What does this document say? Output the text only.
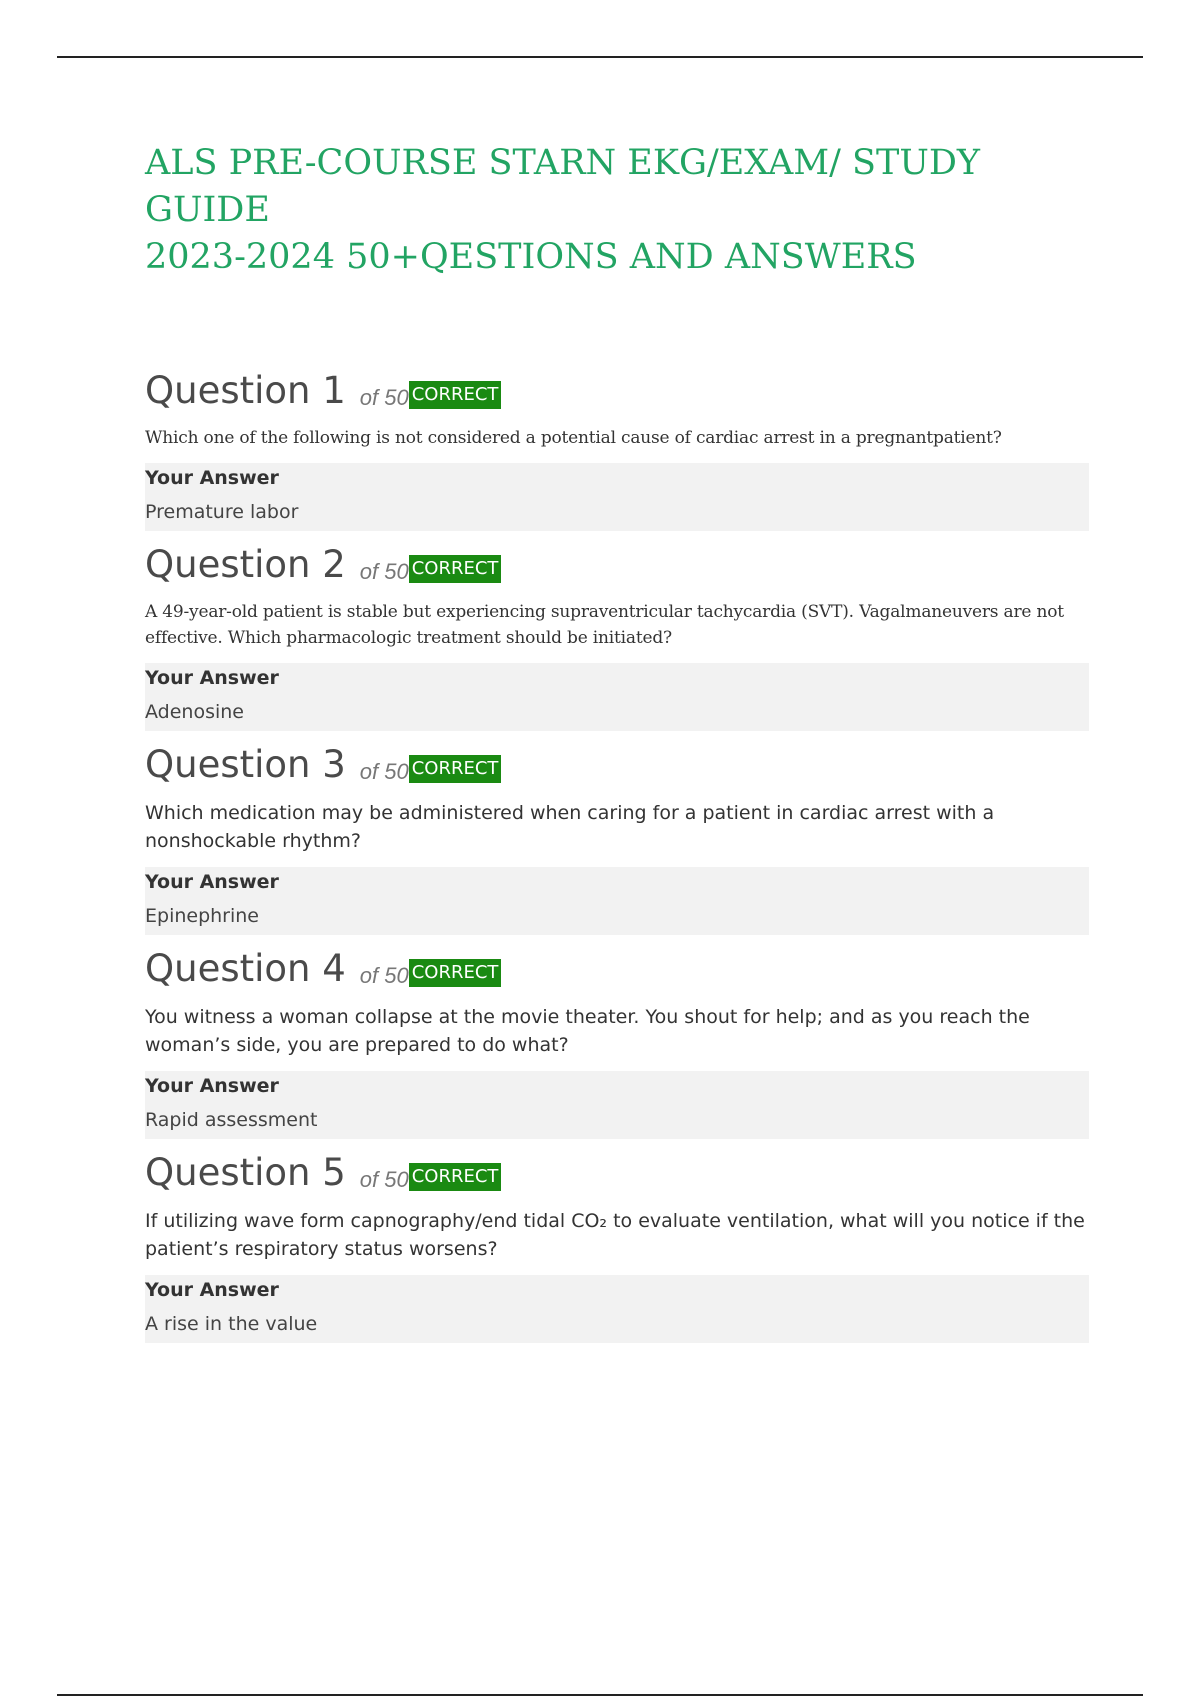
ALS PRE-COURSE STARN EKG/EXAM/ STUDY GUIDE
2023-2024 50+QESTIONS AND ANSWERS
Question 1 of 50 CORRECT

Which one of the following is not considered a potential cause of cardiac arrest in a pregnantpatient?

Your Answer
Premature labor
Question 2 of 50 CORRECT

A 49-year-old patient is stable but experiencing supraventricular tachycardia (SVT). Vagalmaneuvers are not effective. Which pharmacologic treatment should be initiated?

Your Answer
Adenosine
Question 3 of 50 CORRECT

Which medication may be administered when caring for a patient in cardiac arrest with a nonshockable rhythm?

Your Answer
Epinephrine
Question 4 of 50 CORRECT

You witness a woman collapse at the movie theater. You shout for help; and as you reach the woman’s side, you are prepared to do what?

Your Answer
Rapid assessment
Question 5 of 50 CORRECT

If utilizing wave form capnography/end tidal CO₂ to evaluate ventilation, what will you notice if the patient’s respiratory status worsens?

Your Answer
A rise in the value
